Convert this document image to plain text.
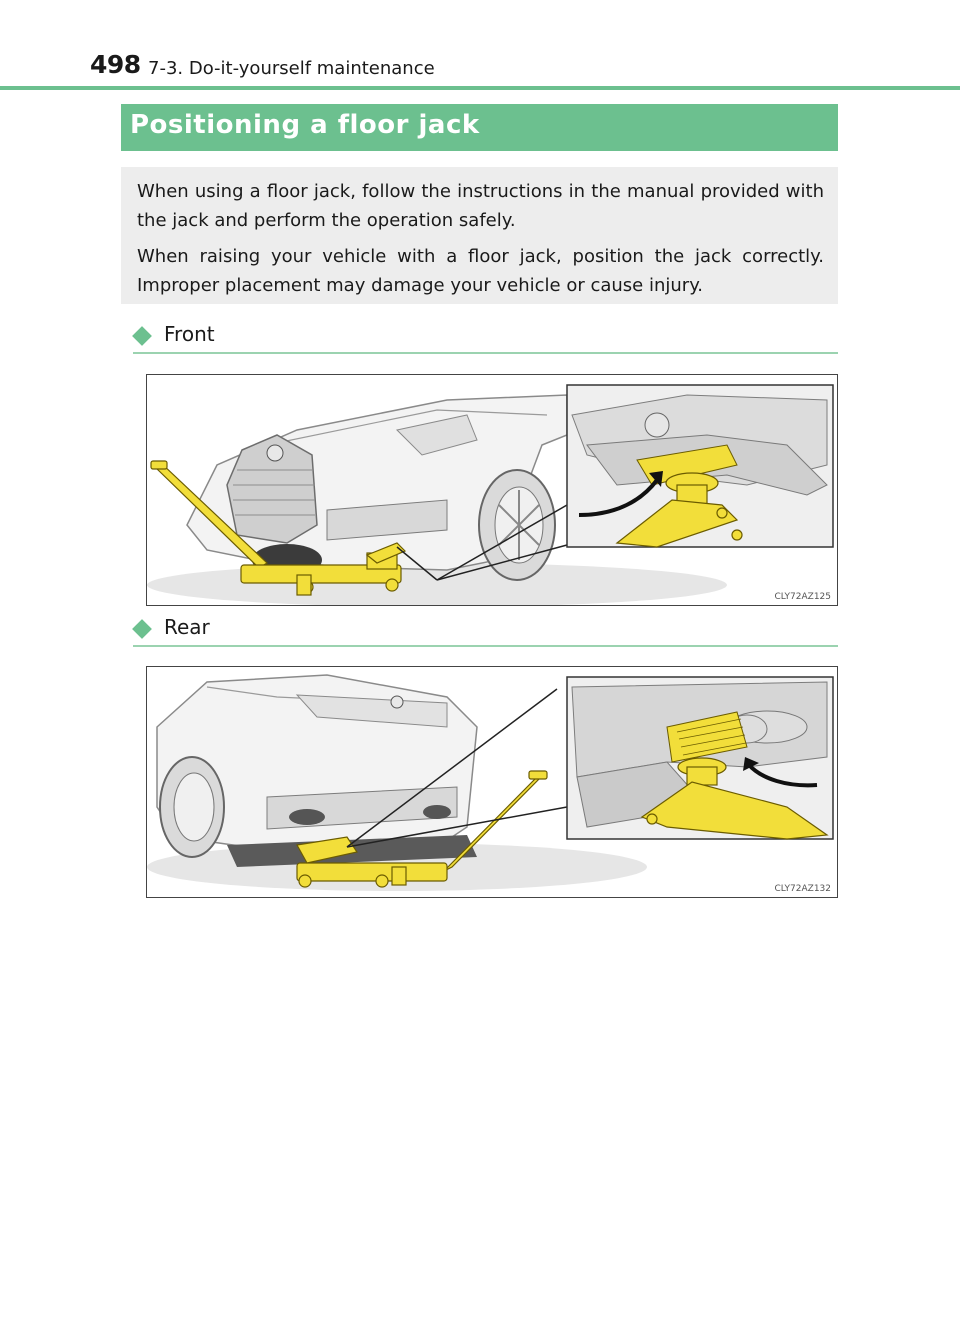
498 7-3. Do-it-yourself maintenance
Positioning a floor jack

When using a floor jack, follow the instructions in the manual provided with the jack and perform the operation safely.

When raising your vehicle with a floor jack, position the jack correctly. Improper placement may damage your vehicle or cause injury.

Front
CLY72AZ125
Rear
CLY72AZ132
